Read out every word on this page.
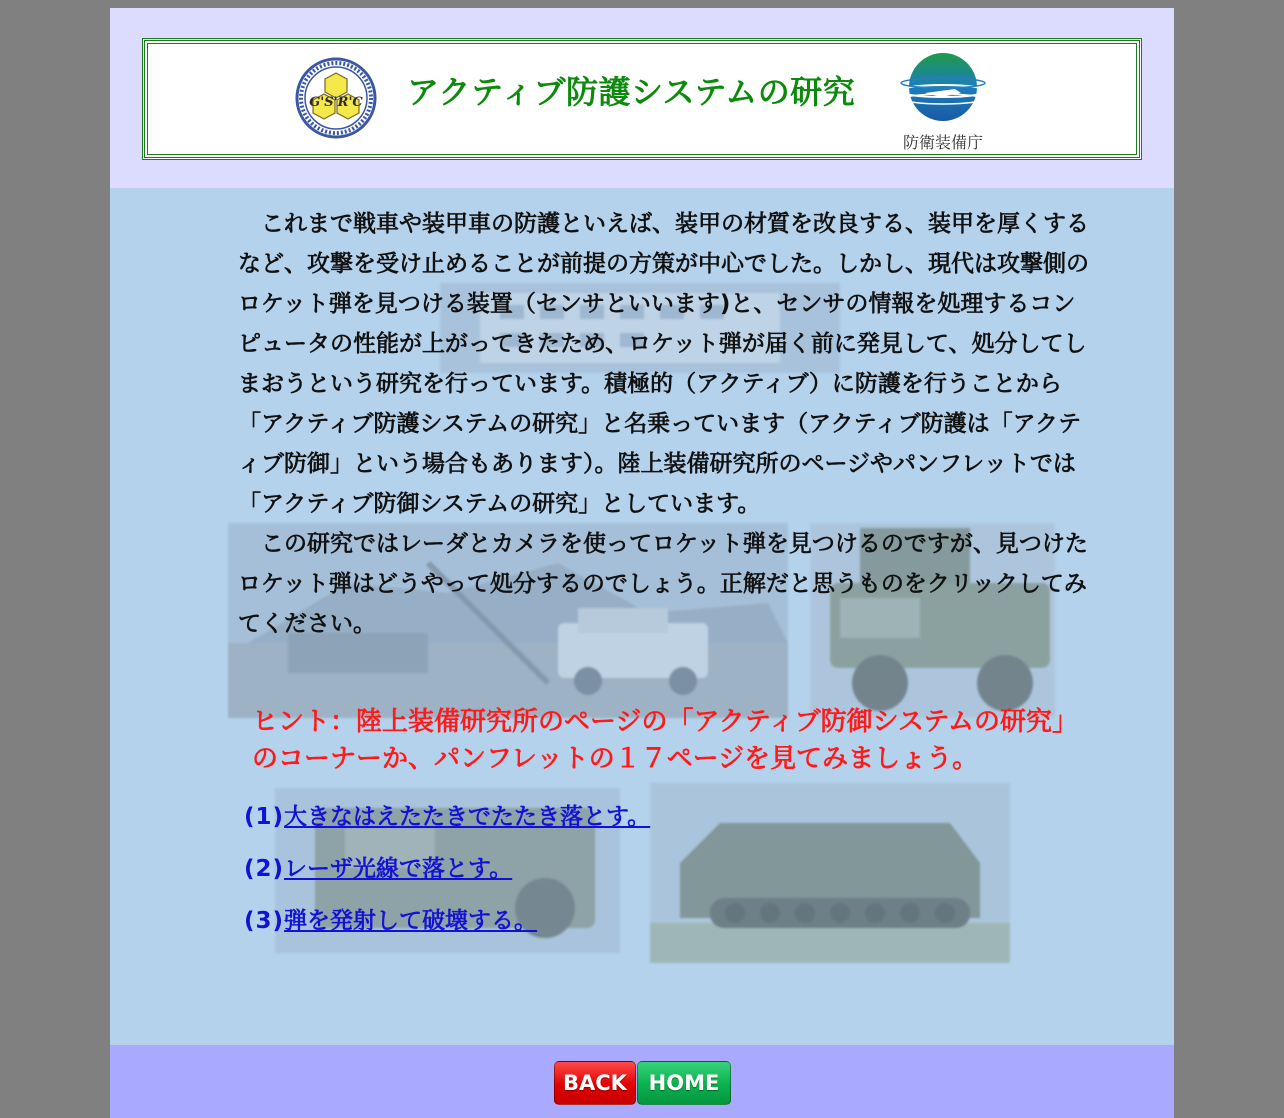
G'S'R'C アクティブ防護システムの研究
防衛装備庁

これまで戦車や装甲車の防護といえば、装甲の材質を改良する、装甲を厚くするなど、攻撃を受け止めることが前提の方策が中心でした。しかし、現代は攻撃側のロケット弾を見つける装置（センサといいます)と、センサの情報を処理するコンピュータの性能が上がってきたため、ロケット弾が届く前に発見して、処分してしまおうという研究を行っています。積極的（アクティブ）に防護を行うことから「アクティブ防護システムの研究」と名乗っています（アクティブ防護は「アクティブ防御」という場合もあります）。陸上装備研究所のページやパンフレットでは「アクティブ防御システムの研究」としています。

この研究ではレーダとカメラを使ってロケット弾を見つけるのですが、見つけたロケット弾はどうやって処分するのでしょう。正解だと思うものをクリックしてみてください。

ヒント：陸上装備研究所のページの「アクティブ防御システムの研究」のコーナーか、パンフレットの１７ページを見てみましょう。
(1)大きなはえたたきでたたき落とす。
(2)レーザ光線で落とす。
(3)弾を発射して破壊する。
BACK	HOME
